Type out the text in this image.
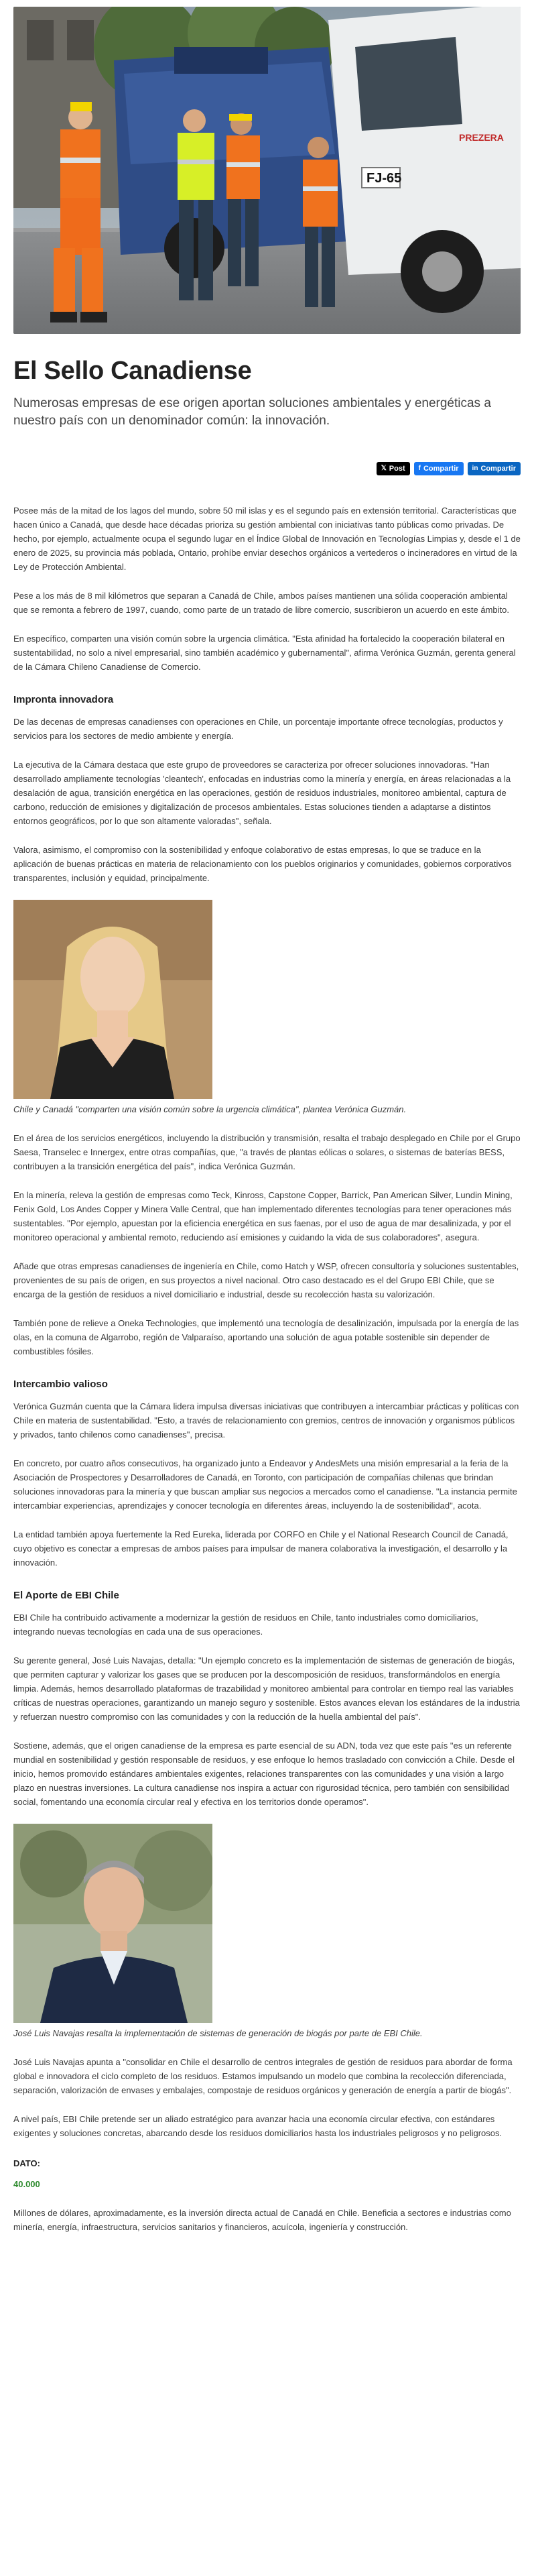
FJ-65
PREZERA
El Sello Canadiense

Numerosas empresas de ese origen aportan soluciones ambientales y energéticas a nuestro país con un denominador común: la innovación.

𝕏 Post f Compartir in Compartir

Posee más de la mitad de los lagos del mundo, sobre 50 mil islas y es el segundo país en extensión territorial. Características que hacen único a Canadá, que desde hace décadas prioriza su gestión ambiental con iniciativas tanto públicas como privadas. De hecho, por ejemplo, actualmente ocupa el segundo lugar en el Índice Global de Innovación en Tecnologías Limpias y, desde el 1 de enero de 2025, su provincia más poblada, Ontario, prohíbe enviar desechos orgánicos a vertederos o incineradores en virtud de la Ley de Protección Ambiental.

Pese a los más de 8 mil kilómetros que separan a Canadá de Chile, ambos países mantienen una sólida cooperación ambiental que se remonta a febrero de 1997, cuando, como parte de un tratado de libre comercio, suscribieron un acuerdo en este ámbito.

En específico, comparten una visión común sobre la urgencia climática. "Esta afinidad ha fortalecido la cooperación bilateral en sustentabilidad, no solo a nivel empresarial, sino también académico y gubernamental", afirma Verónica Guzmán, gerenta general de la Cámara Chileno Canadiense de Comercio.

Impronta innovadora

De las decenas de empresas canadienses con operaciones en Chile, un porcentaje importante ofrece tecnologías, productos y servicios para los sectores de medio ambiente y energía.

La ejecutiva de la Cámara destaca que este grupo de proveedores se caracteriza por ofrecer soluciones innovadoras. "Han desarrollado ampliamente tecnologías 'cleantech', enfocadas en industrias como la minería y energía, en áreas relacionadas a la desalación de agua, transición energética en las operaciones, gestión de residuos industriales, monitoreo ambiental, captura de carbono, reducción de emisiones y digitalización de procesos ambientales. Estas soluciones tienden a adaptarse a distintos entornos geográficos, por lo que son altamente valoradas", señala.

Valora, asimismo, el compromiso con la sostenibilidad y enfoque colaborativo de estas empresas, lo que se traduce en la aplicación de buenas prácticas en materia de relacionamiento con los pueblos originarios y comunidades, gobiernos corporativos transparentes, inclusión y equidad, principalmente.

Chile y Canadá "comparten una visión común sobre la urgencia climática", plantea Verónica Guzmán.

En el área de los servicios energéticos, incluyendo la distribución y transmisión, resalta el trabajo desplegado en Chile por el Grupo Saesa, Transelec e Innergex, entre otras compañías, que, "a través de plantas eólicas o solares, o sistemas de baterías BESS, contribuyen a la transición energética del país", indica Verónica Guzmán.

En la minería, releva la gestión de empresas como Teck, Kinross, Capstone Copper, Barrick, Pan American Silver, Lundin Mining, Fenix Gold, Los Andes Copper y Minera Valle Central, que han implementado diferentes tecnologías para tener operaciones más sustentables. "Por ejemplo, apuestan por la eficiencia energética en sus faenas, por el uso de agua de mar desalinizada, y por el monitoreo operacional y ambiental remoto, reduciendo así emisiones y cuidando la vida de sus colaboradores", asegura.

Añade que otras empresas canadienses de ingeniería en Chile, como Hatch y WSP, ofrecen consultoría y soluciones sustentables, provenientes de su país de origen, en sus proyectos a nivel nacional. Otro caso destacado es el del Grupo EBI Chile, que se encarga de la gestión de residuos a nivel domiciliario e industrial, desde su recolección hasta su valorización.

También pone de relieve a Oneka Technologies, que implementó una tecnología de desalinización, impulsada por la energía de las olas, en la comuna de Algarrobo, región de Valparaíso, aportando una solución de agua potable sostenible sin depender de combustibles fósiles.

Intercambio valioso

Verónica Guzmán cuenta que la Cámara lidera impulsa diversas iniciativas que contribuyen a intercambiar prácticas y políticas con Chile en materia de sustentabilidad. "Esto, a través de relacionamiento con gremios, centros de innovación y organismos públicos y privados, tanto chilenos como canadienses", precisa.

En concreto, por cuatro años consecutivos, ha organizado junto a Endeavor y AndesMets una misión empresarial a la feria de la Asociación de Prospectores y Desarrolladores de Canadá, en Toronto, con participación de compañías chilenas que brindan soluciones innovadoras para la minería y que buscan ampliar sus negocios a mercados como el canadiense. "La instancia permite intercambiar experiencias, aprendizajes y conocer tecnología en diferentes áreas, incluyendo la de sostenibilidad", acota.

La entidad también apoya fuertemente la Red Eureka, liderada por CORFO en Chile y el National Research Council de Canadá, cuyo objetivo es conectar a empresas de ambos países para impulsar de manera colaborativa la investigación, el desarrollo y la innovación.

El Aporte de EBI Chile

EBI Chile ha contribuido activamente a modernizar la gestión de residuos en Chile, tanto industriales como domiciliarios, integrando nuevas tecnologías en cada una de sus operaciones.

Su gerente general, José Luis Navajas, detalla: "Un ejemplo concreto es la implementación de sistemas de generación de biogás, que permiten capturar y valorizar los gases que se producen por la descomposición de residuos, transformándolos en energía limpia. Además, hemos desarrollado plataformas de trazabilidad y monitoreo ambiental para controlar en tiempo real las variables críticas de nuestras operaciones, garantizando un manejo seguro y sostenible. Estos avances elevan los estándares de la industria y refuerzan nuestro compromiso con las comunidades y con la reducción de la huella ambiental del país".

Sostiene, además, que el origen canadiense de la empresa es parte esencial de su ADN, toda vez que este país "es un referente mundial en sostenibilidad y gestión responsable de residuos, y ese enfoque lo hemos trasladado con convicción a Chile. Desde el inicio, hemos promovido estándares ambientales exigentes, relaciones transparentes con las comunidades y una visión a largo plazo en nuestras inversiones. La cultura canadiense nos inspira a actuar con rigurosidad técnica, pero también con sensibilidad social, fomentando una economía circular real y efectiva en los territorios donde operamos".

José Luis Navajas resalta la implementación de sistemas de generación de biogás por parte de EBI Chile.

José Luis Navajas apunta a "consolidar en Chile el desarrollo de centros integrales de gestión de residuos para abordar de forma global e innovadora el ciclo completo de los residuos. Estamos impulsando un modelo que combina la recolección diferenciada, separación, valorización de envases y embalajes, compostaje de residuos orgánicos y generación de energía a partir de biogás".

A nivel país, EBI Chile pretende ser un aliado estratégico para avanzar hacia una economía circular efectiva, con estándares exigentes y soluciones concretas, abarcando desde los residuos domiciliarios hasta los industriales peligrosos y no peligrosos.

DATO:

40.000

Millones de dólares, aproximadamente, es la inversión directa actual de Canadá en Chile. Beneficia a sectores e industrias como minería, energía, infraestructura, servicios sanitarios y financieros, acuícola, ingeniería y construcción.
